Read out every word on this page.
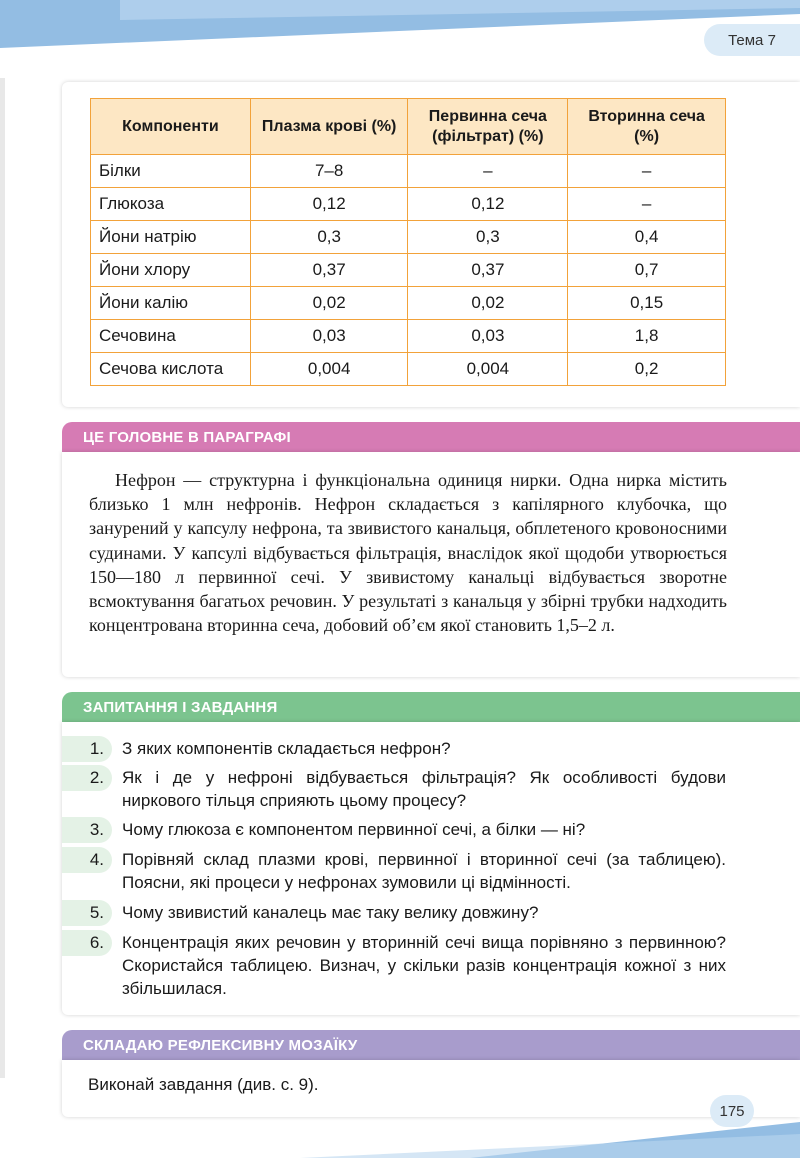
Тема 7
Компоненти	Плазма крові (%)	Первинна сеча (фільтрат) (%)	Вторинна сеча (%)
Білки	7–8	–	–
Глюкоза	0,12	0,12	–
Йони натрію	0,3	0,3	0,4
Йони хлору	0,37	0,37	0,7
Йони калію	0,02	0,02	0,15
Сечовина	0,03	0,03	1,8
Сечова кислота	0,004	0,004	0,2
ЦЕ ГОЛОВНЕ В ПАРАГРАФІ

Нефрон — структурна і функціональна одиниця нирки. Одна нирка містить близько 1 млн нефронів. Нефрон складається з капілярного клубочка, що занурений у капсулу нефрона, та звивистого канальця, обплетеного кровоносними судинами. У капсулі відбувається фільтрація, внаслідок якої щодоби утворюється 150—180 л первинної сечі. У звивистому канальці відбувається зворотне всмоктування багатьох речовин. У результаті з канальця у збірні трубки надходить концентрована вторинна сеча, добовий об’єм якої становить 1,5–2 л.

ЗАПИТАННЯ І ЗАВДАННЯ
1.	З яких компонентів складається нефрон?
2.	Як і де у нефроні відбувається фільтрація? Як особливості будови ниркового тільця сприяють цьому процесу?
3.	Чому глюкоза є компонентом первинної сечі, а білки — ні?
4.	Порівняй склад плазми крові, первинної і вторинної сечі (за таблицею). Поясни, які процеси у нефронах зумовили ці відмінності.
5.	Чому звивистий каналець має таку велику довжину?
6.	Концентрація яких речовин у вторинній сечі вища порівняно з первинною? Скористайся таблицею. Визнач, у скільки разів концентрація кожної з них збільшилася.
СКЛАДАЮ РЕФЛЕКСИВНУ МОЗАЇКУ
Виконай завдання (див. с. 9).
175
